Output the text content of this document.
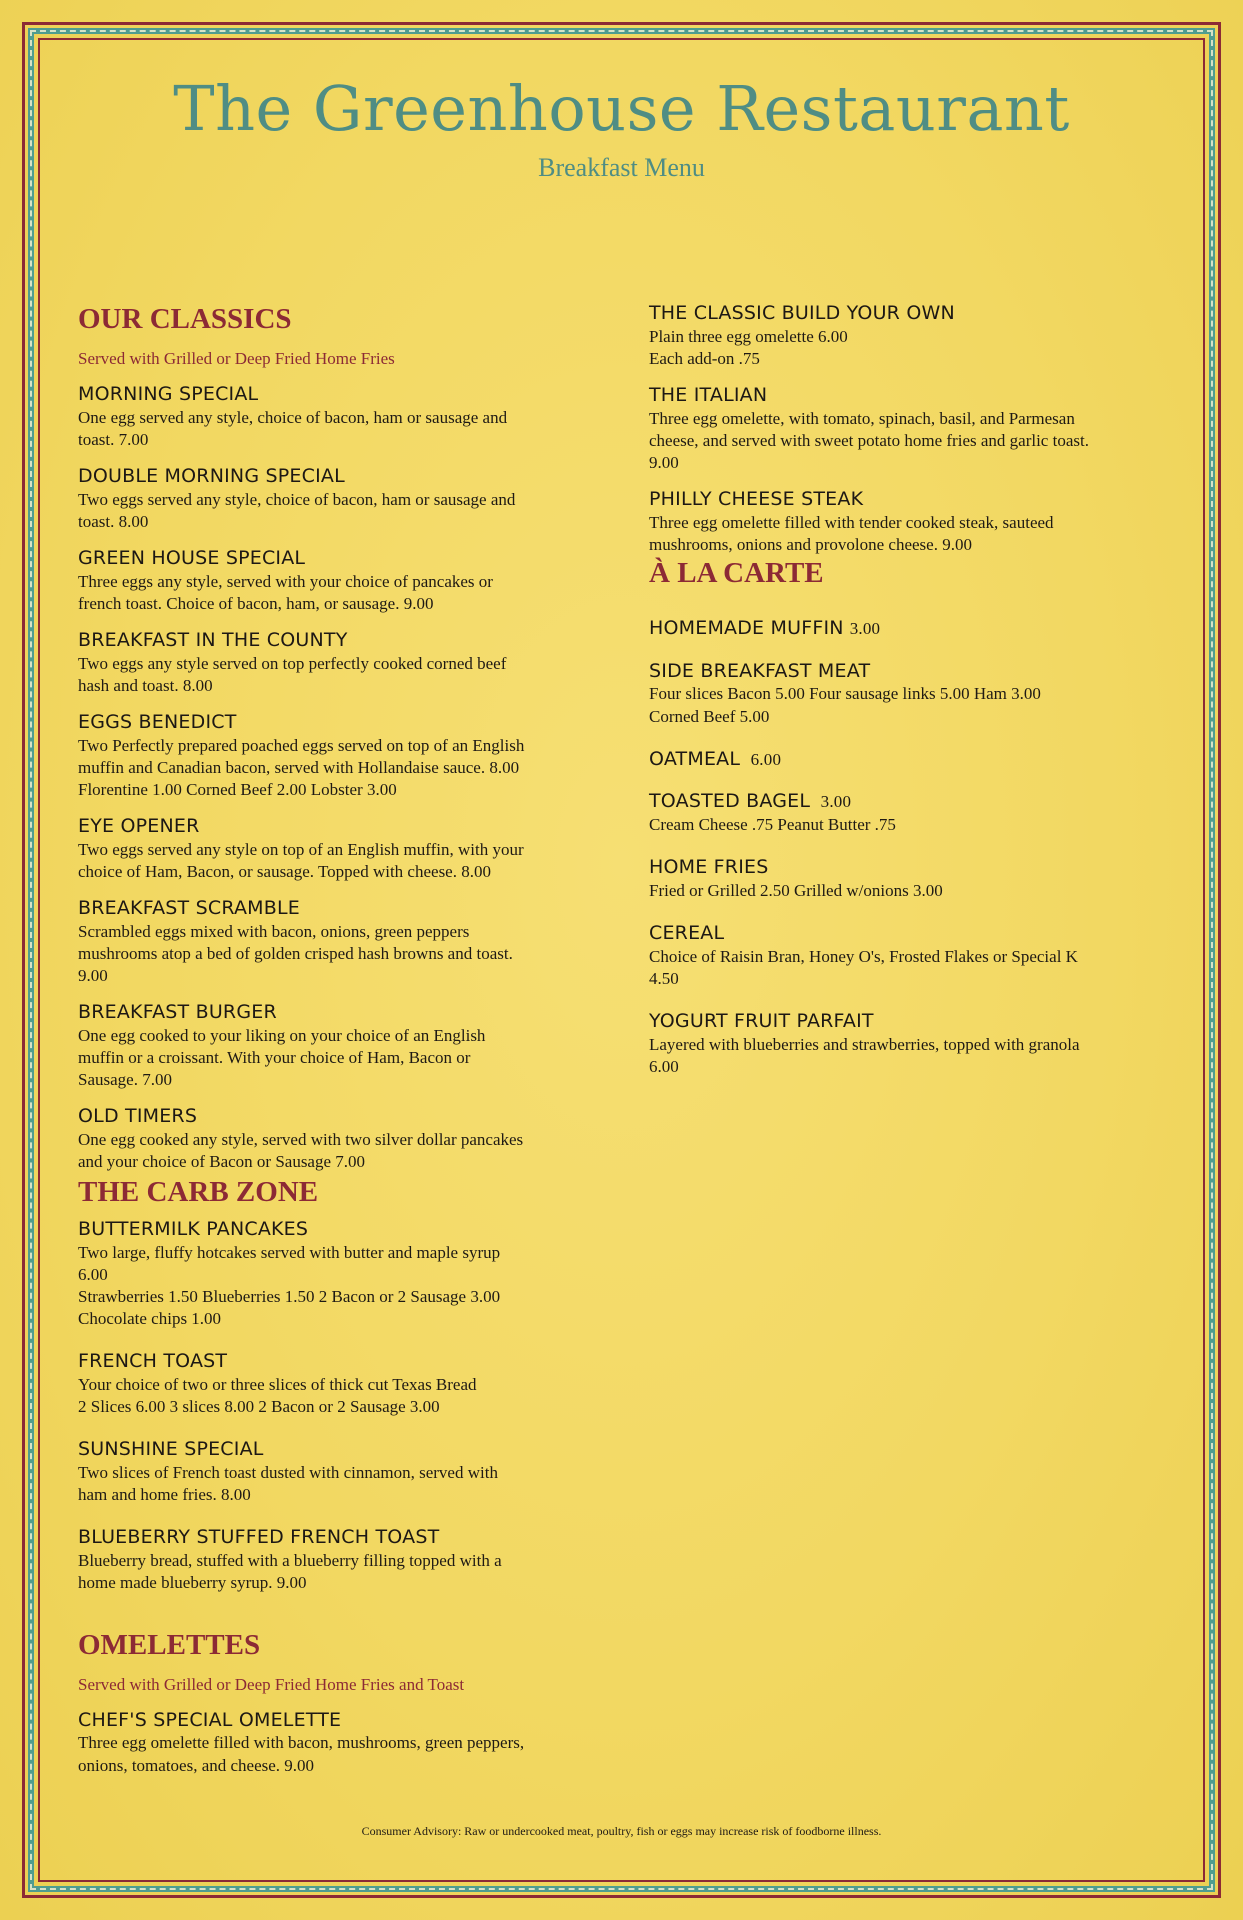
The Greenhouse Restaurant
Breakfast Menu
OUR CLASSICS
Served with Grilled or Deep Fried Home Fries
MORNING SPECIAL
One egg served any style, choice of bacon, ham or sausage and
toast. 7.00
DOUBLE MORNING SPECIAL
Two eggs served any style, choice of bacon, ham or sausage and
toast. 8.00
GREEN HOUSE SPECIAL
Three eggs any style, served with your choice of pancakes or
french toast. Choice of bacon, ham, or sausage. 9.00
BREAKFAST IN THE COUNTY
Two eggs any style served on top perfectly cooked corned beef
hash and toast. 8.00
EGGS BENEDICT
Two Perfectly prepared poached eggs served on top of an English
muffin and Canadian bacon, served with Hollandaise sauce. 8.00
Florentine 1.00 Corned Beef 2.00 Lobster 3.00
EYE OPENER
Two eggs served any style on top of an English muffin, with your
choice of Ham, Bacon, or sausage. Topped with cheese. 8.00
BREAKFAST SCRAMBLE
Scrambled eggs mixed with bacon, onions, green peppers
mushrooms atop a bed of golden crisped hash browns and toast.
9.00
BREAKFAST BURGER
One egg cooked to your liking on your choice of an English
muffin or a croissant. With your choice of Ham, Bacon or
Sausage. 7.00
OLD TIMERS
One egg cooked any style, served with two silver dollar pancakes
and your choice of Bacon or Sausage 7.00
THE CARB ZONE
BUTTERMILK PANCAKES
Two large, fluffy hotcakes served with butter and maple syrup
6.00
Strawberries 1.50 Blueberries 1.50 2 Bacon or 2 Sausage 3.00
Chocolate chips 1.00
FRENCH TOAST
Your choice of two or three slices of thick cut Texas Bread
2 Slices 6.00 3 slices 8.00 2 Bacon or 2 Sausage 3.00
SUNSHINE SPECIAL
Two slices of French toast dusted with cinnamon, served with
ham and home fries. 8.00
BLUEBERRY STUFFED FRENCH TOAST
Blueberry bread, stuffed with a blueberry filling topped with a
home made blueberry syrup. 9.00
OMELETTES
Served with Grilled or Deep Fried Home Fries and Toast
CHEF'S SPECIAL OMELETTE
Three egg omelette filled with bacon, mushrooms, green peppers,
onions, tomatoes, and cheese. 9.00
THE CLASSIC BUILD YOUR OWN
Plain three egg omelette 6.00
Each add-on .75
THE ITALIAN
Three egg omelette, with tomato, spinach, basil, and Parmesan
cheese, and served with sweet potato home fries and garlic toast.
9.00
PHILLY CHEESE STEAK
Three egg omelette filled with tender cooked steak, sauteed
mushrooms, onions and provolone cheese. 9.00
À LA CARTE
HOMEMADE MUFFIN 3.00
SIDE BREAKFAST MEAT
Four slices Bacon 5.00 Four sausage links 5.00 Ham 3.00
Corned Beef 5.00
OATMEAL 6.00
TOASTED BAGEL 3.00
Cream Cheese .75 Peanut Butter .75
HOME FRIES
Fried or Grilled 2.50 Grilled w/onions 3.00
CEREAL
Choice of Raisin Bran, Honey O's, Frosted Flakes or Special K
4.50
YOGURT FRUIT PARFAIT
Layered with blueberries and strawberries, topped with granola
6.00
Consumer Advisory: Raw or undercooked meat, poultry, fish or eggs may increase risk of foodborne illness.
